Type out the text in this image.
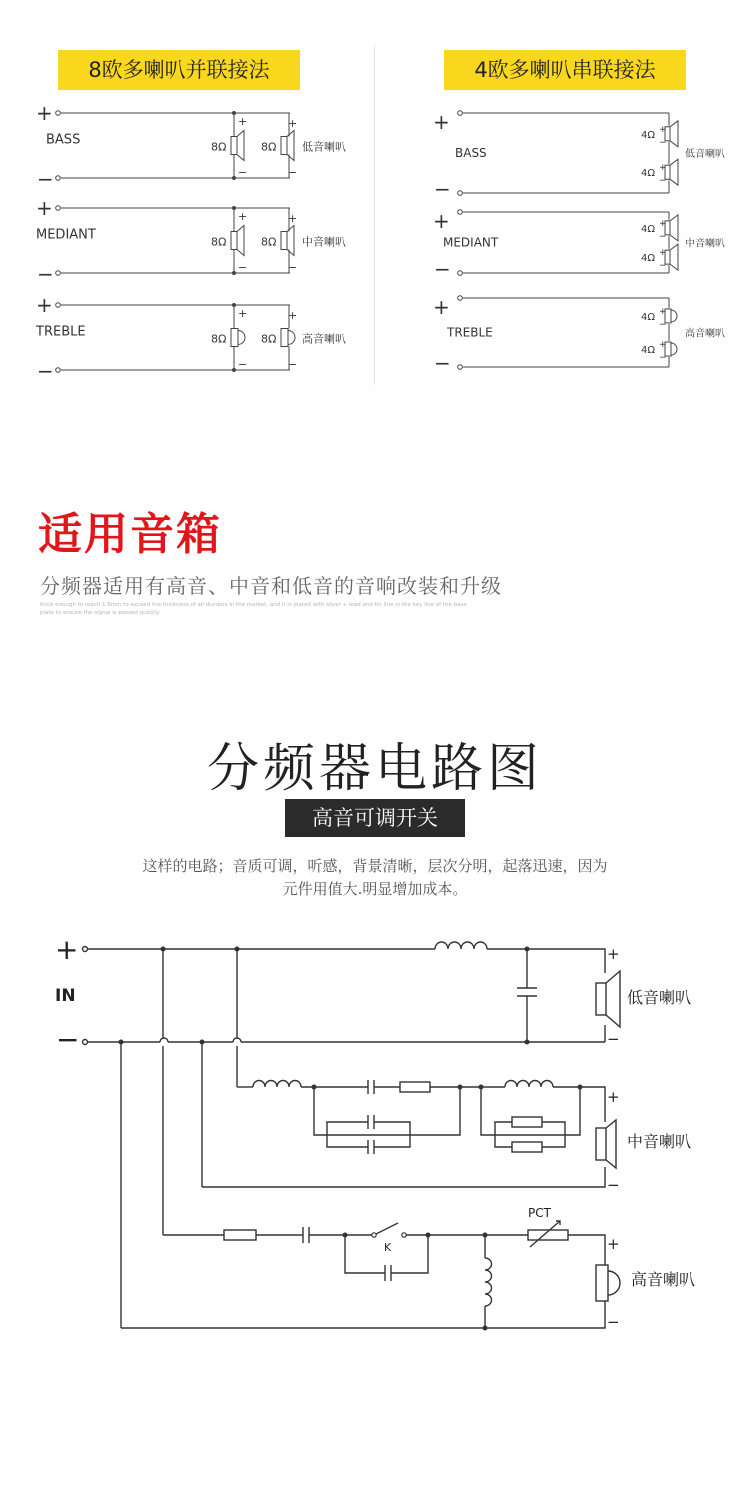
8欧多喇叭并联接法	4欧多喇叭串联接法
+
−
BASS	8Ω	8Ω
+
−
+
−
低音喇叭
+
−
MEDIANT	8Ω	8Ω
+
−
+
−
中音喇叭
+
−
TREBLE	8Ω	8Ω
+
−
+
−
高音喇叭
+
−
BASS
4Ω +
−
4Ω +
−
低音喇叭
+
−
MEDIANT
4Ω +
−
4Ω
+
−
中音喇叭
+
−
TREBLE
4Ω +
−
4Ω +
−
高音喇叭
适用音箱
分频器适用有高音、中音和低音的音响改装和升级
thick enough to reach 1.8mm to exceed the thickness of all dividers in the market, and it is plated with silver + lead and tin line in the key line of the base plate to ensure the signal is passed quickly.
分频器电路图
高音可调开关
这样的电路；音质可调，听感，背景清晰，层次分明，起落迅速，因为
元件用值大.明显增加成本。
+
IN
−
+
−
低音喇叭
+
−
中音喇叭
+
−
高音喇叭
K
PCT
